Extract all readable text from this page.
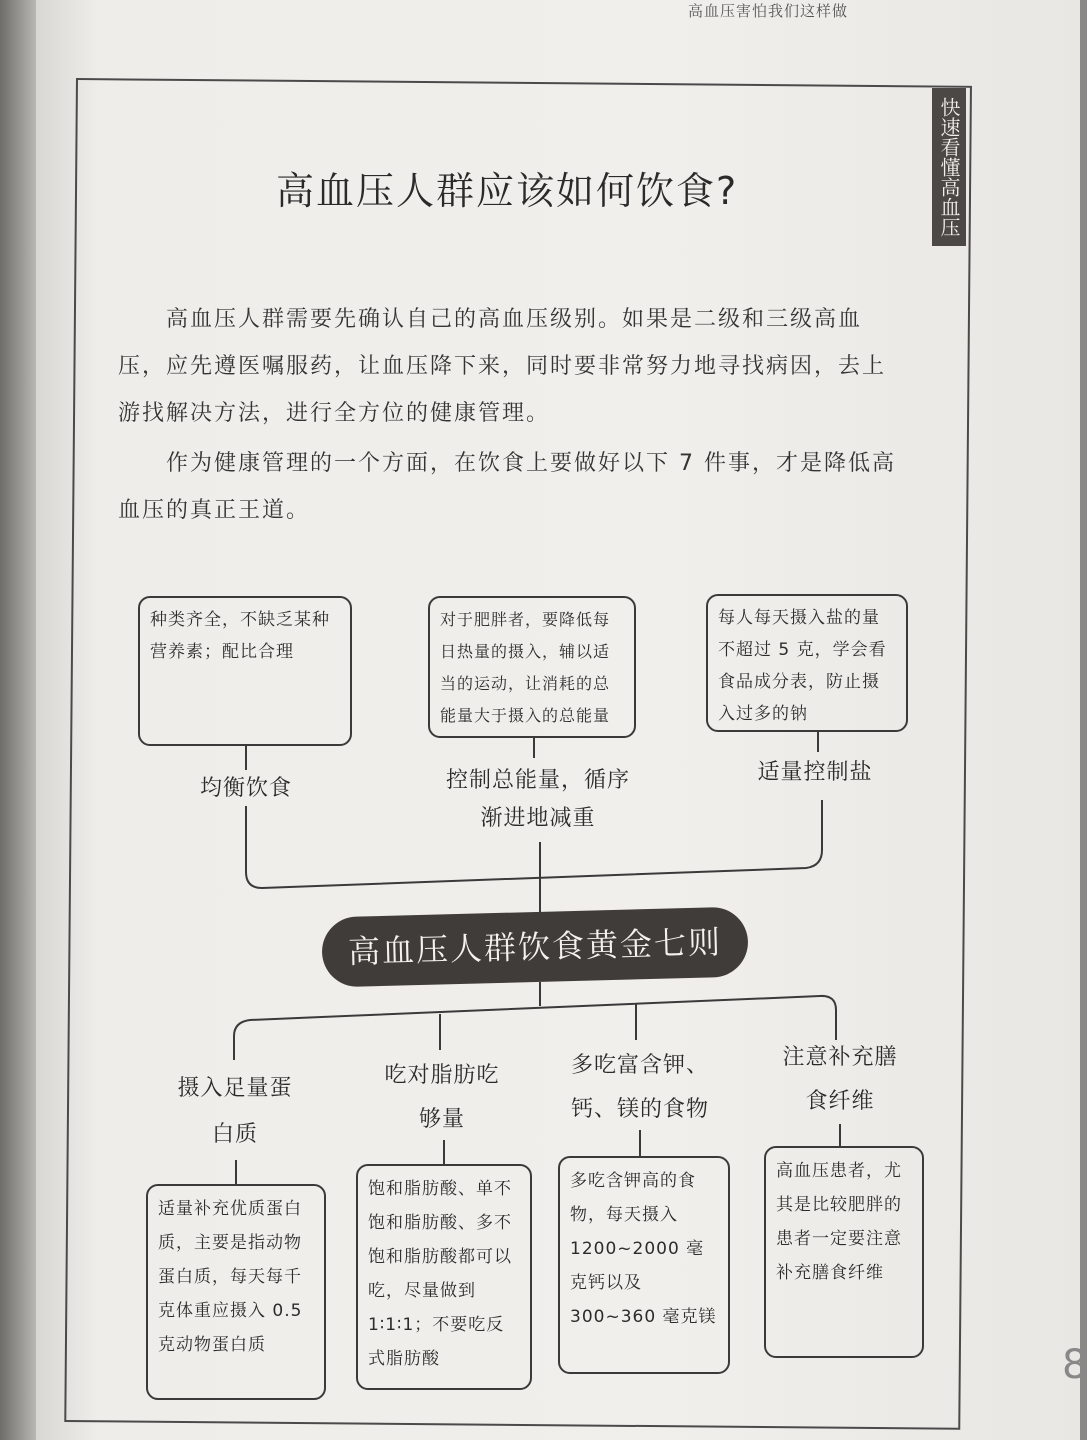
高血压害怕我们这样做
快速看懂高血压
高血压人群应该如何饮食?
　　高血压人群需要先确认自己的高血压级别。如果是二级和三级高血压，应先遵医嘱服药，让血压降下来，同时要非常努力地寻找病因，去上游找解决方法，进行全方位的健康管理。
　　作为健康管理的一个方面，在饮食上要做好以下 7 件事，才是降低高血压的真正王道。
种类齐全，不缺乏某种营养素；配比合理
对于肥胖者，要降低每日热量的摄入，辅以适当的运动，让消耗的总能量大于摄入的总能量
每人每天摄入盐的量不超过 5 克，学会看食品成分表，防止摄入过多的钠
均衡饮食	控制总能量，循序渐进地减重
适量控制盐
高血压人群饮食黄金七则
摄入足量蛋白质
吃对脂肪吃够量
多吃富含钾、钙、镁的食物
注意补充膳食纤维
适量补充优质蛋白质，主要是指动物蛋白质，每天每千克体重应摄入 0.5 克动物蛋白质
饱和脂肪酸、单不饱和脂肪酸、多不饱和脂肪酸都可以吃，尽量做到 1∶1∶1；不要吃反式脂肪酸
多吃含钾高的食物，每天摄入 1200~2000 毫克钙以及 300~360 毫克镁
高血压患者，尤其是比较肥胖的患者一定要注意补充膳食纤维
8
